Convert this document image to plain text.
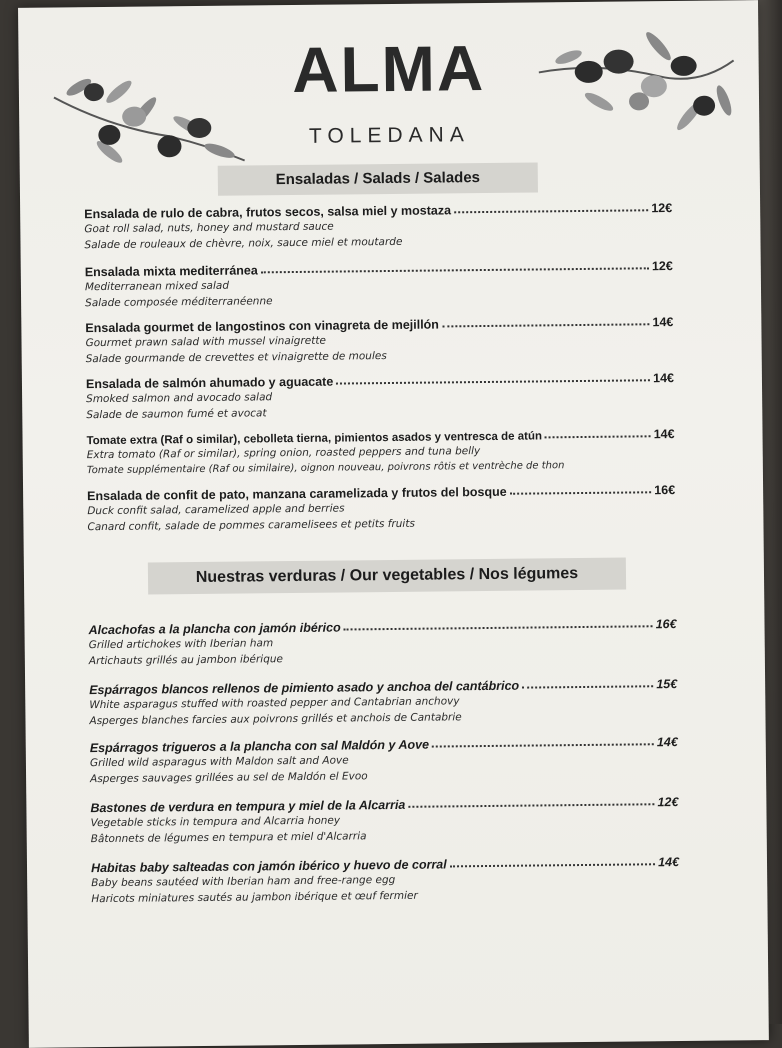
ALMA
TOLEDANA
Ensaladas / Salads / Salades
Ensalada de rulo de cabra, frutos secos, salsa miel y mostaza	12€
Goat roll salad, nuts, honey and mustard sauce
Salade de rouleaux de chèvre, noix, sauce miel et moutarde
Ensalada mixta mediterránea	12€
Mediterranean mixed salad
Salade composée méditerranéenne
Ensalada gourmet de langostinos con vinagreta de mejillón	14€
Gourmet prawn salad with mussel vinaigrette
Salade gourmande de crevettes et vinaigrette de moules
Ensalada de salmón ahumado y aguacate	14€
Smoked salmon and avocado salad
Salade de saumon fumé et avocat
Tomate extra (Raf o similar), cebolleta tierna, pimientos asados y ventresca de atún	14€
Extra tomato (Raf or similar), spring onion, roasted peppers and tuna belly
Tomate supplémentaire (Raf ou similaire), oignon nouveau, poivrons rôtis et ventrèche de thon
Ensalada de confit de pato, manzana caramelizada y frutos del bosque	16€
Duck confit salad, caramelized apple and berries
Canard confit, salade de pommes caramelisees et petits fruits
Nuestras verduras / Our vegetables / Nos légumes
Alcachofas a la plancha con jamón ibérico	16€
Grilled artichokes with Iberian ham
Artichauts grillés au jambon ibérique
Espárragos blancos rellenos de pimiento asado y anchoa del cantábrico	15€
White asparagus stuffed with roasted pepper and Cantabrian anchovy
Asperges blanches farcies aux poivrons grillés et anchois de Cantabrie
Espárragos trigueros a la plancha con sal Maldón y Aove	14€
Grilled wild asparagus with Maldon salt and Aove
Asperges sauvages grillées au sel de Maldón el Evoo
Bastones de verdura en tempura y miel de la Alcarria	12€
Vegetable sticks in tempura and Alcarria honey
Bâtonnets de légumes en tempura et miel d'Alcarria
Habitas baby salteadas con jamón ibérico y huevo de corral	14€
Baby beans sautéed with Iberian ham and free-range egg
Haricots miniatures sautés au jambon ibérique et œuf fermier
